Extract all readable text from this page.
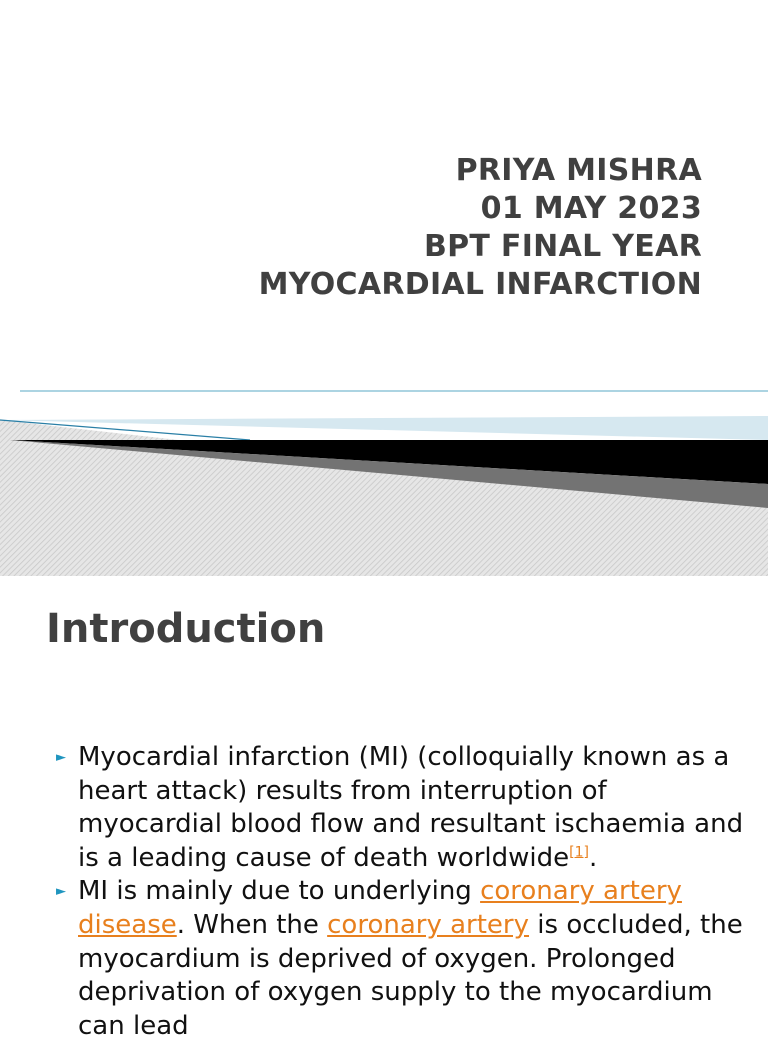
PRIYA MISHRA
01 MAY 2023
BPT FINAL YEAR
MYOCARDIAL INFARCTION
Introduction
► Myocardial infarction (MI) (colloquially known as a heart attack) results from interruption of myocardial blood flow and resultant ischaemia and is a leading cause of death worldwide[1].
► MI is mainly due to underlying coronary artery disease. When the coronary artery is occluded, the myocardium is deprived of oxygen. Prolonged deprivation of oxygen supply to the myocardium can lead
